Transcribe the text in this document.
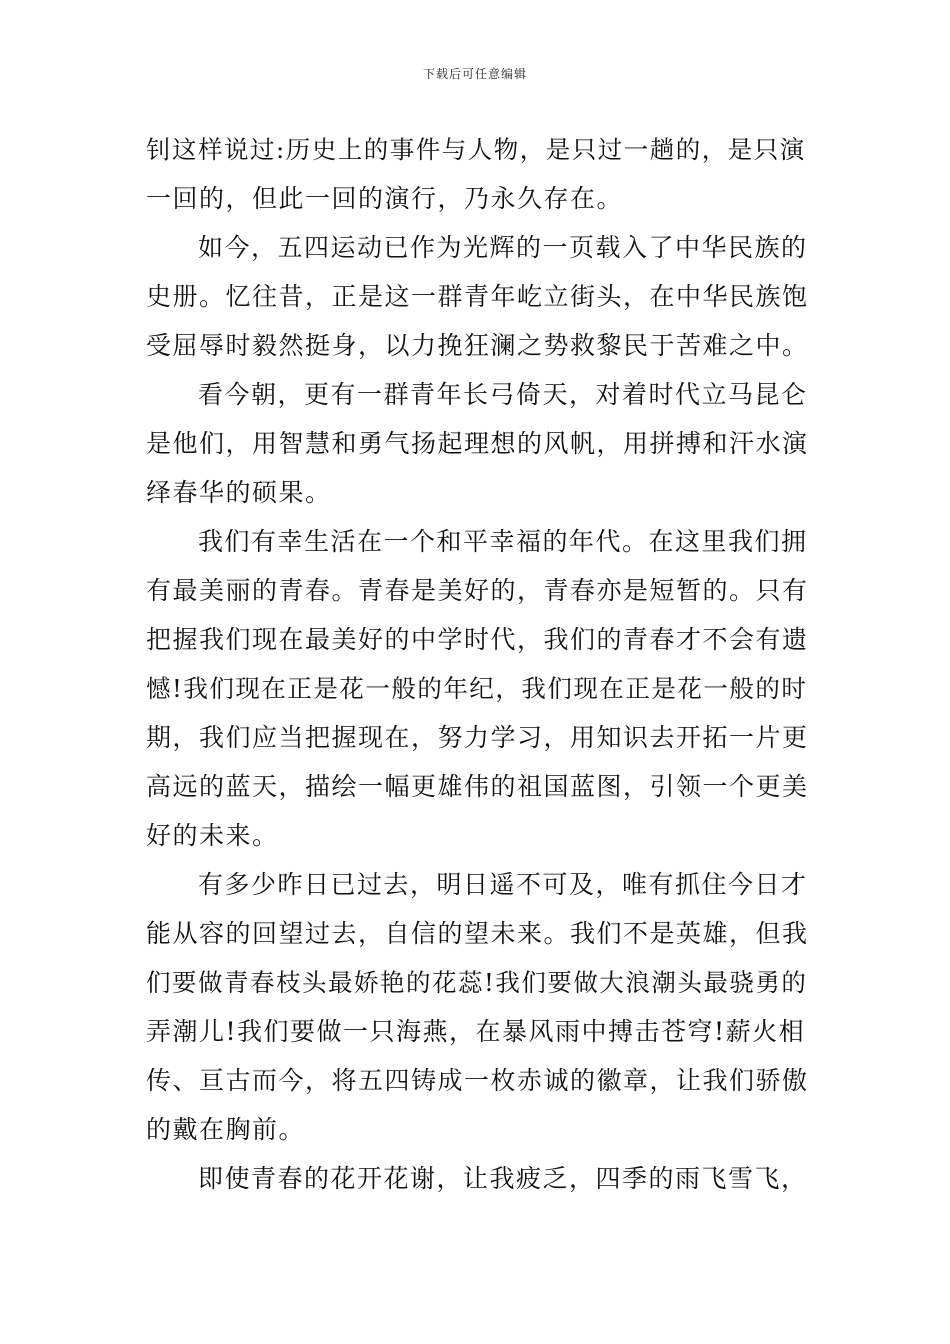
下载后可任意编辑
钊这样说过:历史上的事件与人物，是只过一趟的，是只演
一回的，但此一回的演行，乃永久存在。
如今，五四运动已作为光辉的一页载入了中华民族的
史册。忆往昔，正是这一群青年屹立街头，在中华民族饱
受屈辱时毅然挺身，以力挽狂澜之势救黎民于苦难之中。
看今朝，更有一群青年长弓倚天，对着时代立马昆仑
是他们，用智慧和勇气扬起理想的风帆，用拼搏和汗水演
绎春华的硕果。
我们有幸生活在一个和平幸福的年代。在这里我们拥
有最美丽的青春。青春是美好的，青春亦是短暂的。只有
把握我们现在最美好的中学时代，我们的青春才不会有遗
憾!我们现在正是花一般的年纪，我们现在正是花一般的时
期，我们应当把握现在，努力学习，用知识去开拓一片更
高远的蓝天，描绘一幅更雄伟的祖国蓝图，引领一个更美
好的未来。
有多少昨日已过去，明日遥不可及，唯有抓住今日才
能从容的回望过去，自信的望未来。我们不是英雄，但我
们要做青春枝头最娇艳的花蕊!我们要做大浪潮头最骁勇的
弄潮儿!我们要做一只海燕，在暴风雨中搏击苍穹!薪火相
传、亘古而今，将五四铸成一枚赤诚的徽章，让我们骄傲
的戴在胸前。
即使青春的花开花谢，让我疲乏，四季的雨飞雪飞，
